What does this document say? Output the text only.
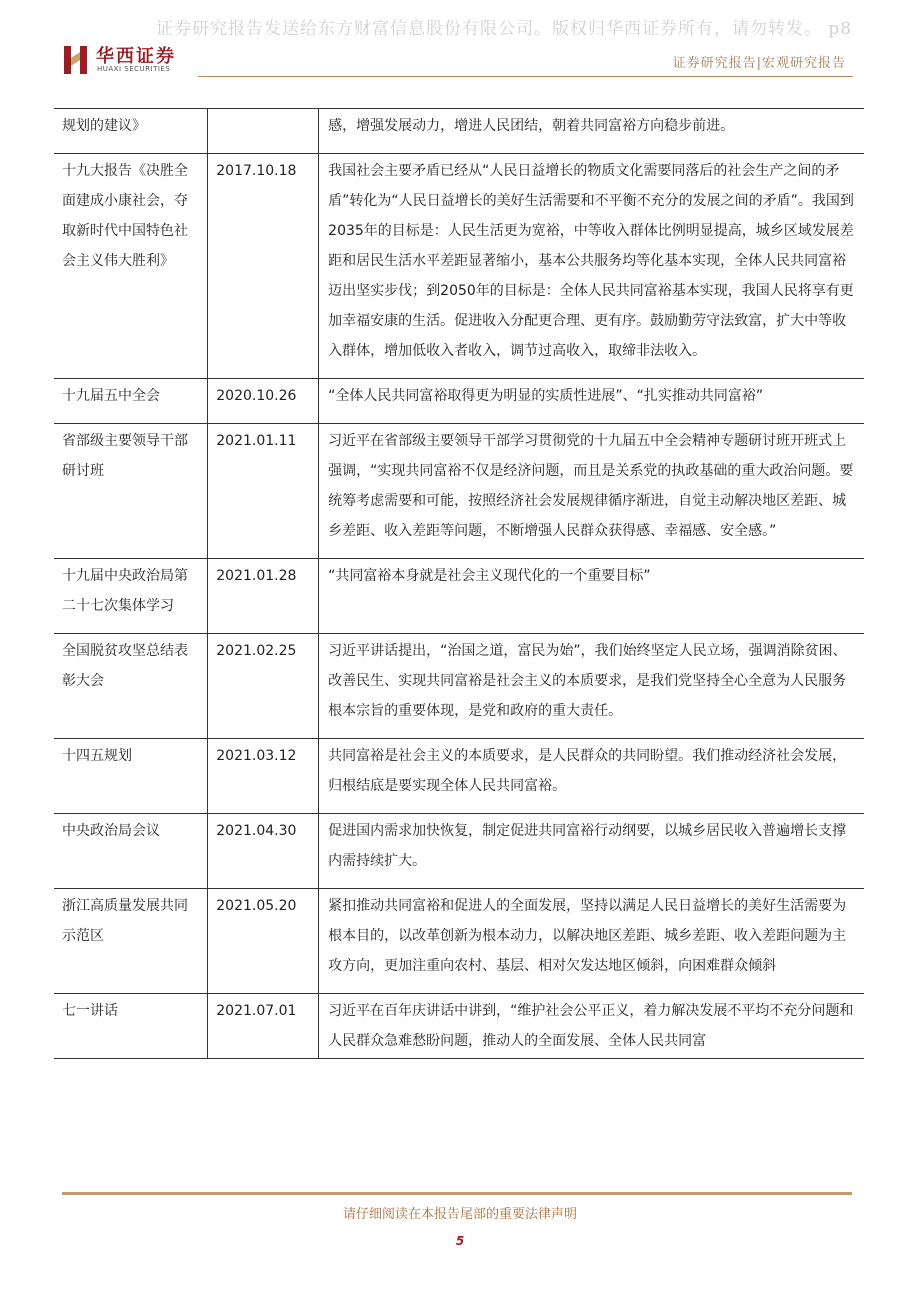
证券研究报告发送给东方财富信息股份有限公司。版权归华西证券所有，请勿转发。 p8
华西证券
HUAXI SECURITIES	证券研究报告|宏观研究报告
规划的建议》		感，增强发展动力，增进人民团结，朝着共同富裕方向稳步前进。
十九大报告《决胜全面建成小康社会，夺取新时代中国特色社会主义伟大胜利》	2017.10.18	我国社会主要矛盾已经从“人民日益增长的物质文化需要同落后的社会生产之间的矛盾”转化为“人民日益增长的美好生活需要和不平衡不充分的发展之间的矛盾”。我国到2035年的目标是：人民生活更为宽裕，中等收入群体比例明显提高，城乡区域发展差距和居民生活水平差距显著缩小，基本公共服务均等化基本实现，全体人民共同富裕迈出坚实步伐；到2050年的目标是：全体人民共同富裕基本实现，我国人民将享有更加幸福安康的生活。促进收入分配更合理、更有序。鼓励勤劳守法致富，扩大中等收入群体，增加低收入者收入，调节过高收入，取缔非法收入。
十九届五中全会	2020.10.26	“全体人民共同富裕取得更为明显的实质性进展”、“扎实推动共同富裕”
省部级主要领导干部研讨班	2021.01.11	习近平在省部级主要领导干部学习贯彻党的十九届五中全会精神专题研讨班开班式上强调，“实现共同富裕不仅是经济问题，而且是关系党的执政基础的重大政治问题。要统筹考虑需要和可能，按照经济社会发展规律循序渐进，自觉主动解决地区差距、城乡差距、收入差距等问题，不断增强人民群众获得感、幸福感、安全感。”
十九届中央政治局第二十七次集体学习	2021.01.28	“共同富裕本身就是社会主义现代化的一个重要目标”
全国脱贫攻坚总结表彰大会	2021.02.25	习近平讲话提出，“治国之道，富民为始”，我们始终坚定人民立场，强调消除贫困、改善民生、实现共同富裕是社会主义的本质要求，是我们党坚持全心全意为人民服务根本宗旨的重要体现，是党和政府的重大责任。
十四五规划	2021.03.12	共同富裕是社会主义的本质要求，是人民群众的共同盼望。我们推动经济社会发展，归根结底是要实现全体人民共同富裕。
中央政治局会议	2021.04.30	促进国内需求加快恢复，制定促进共同富裕行动纲要，以城乡居民收入普遍增长支撑内需持续扩大。
浙江高质量发展共同示范区	2021.05.20	紧扣推动共同富裕和促进人的全面发展，坚持以满足人民日益增长的美好生活需要为根本目的，以改革创新为根本动力，以解决地区差距、城乡差距、收入差距问题为主攻方向，更加注重向农村、基层、相对欠发达地区倾斜，向困难群众倾斜
七一讲话	2021.07.01	习近平在百年庆讲话中讲到，“维护社会公平正义，着力解决发展不平均不充分问题和人民群众急难愁盼问题，推动人的全面发展、全体人民共同富
请仔细阅读在本报告尾部的重要法律声明
5
